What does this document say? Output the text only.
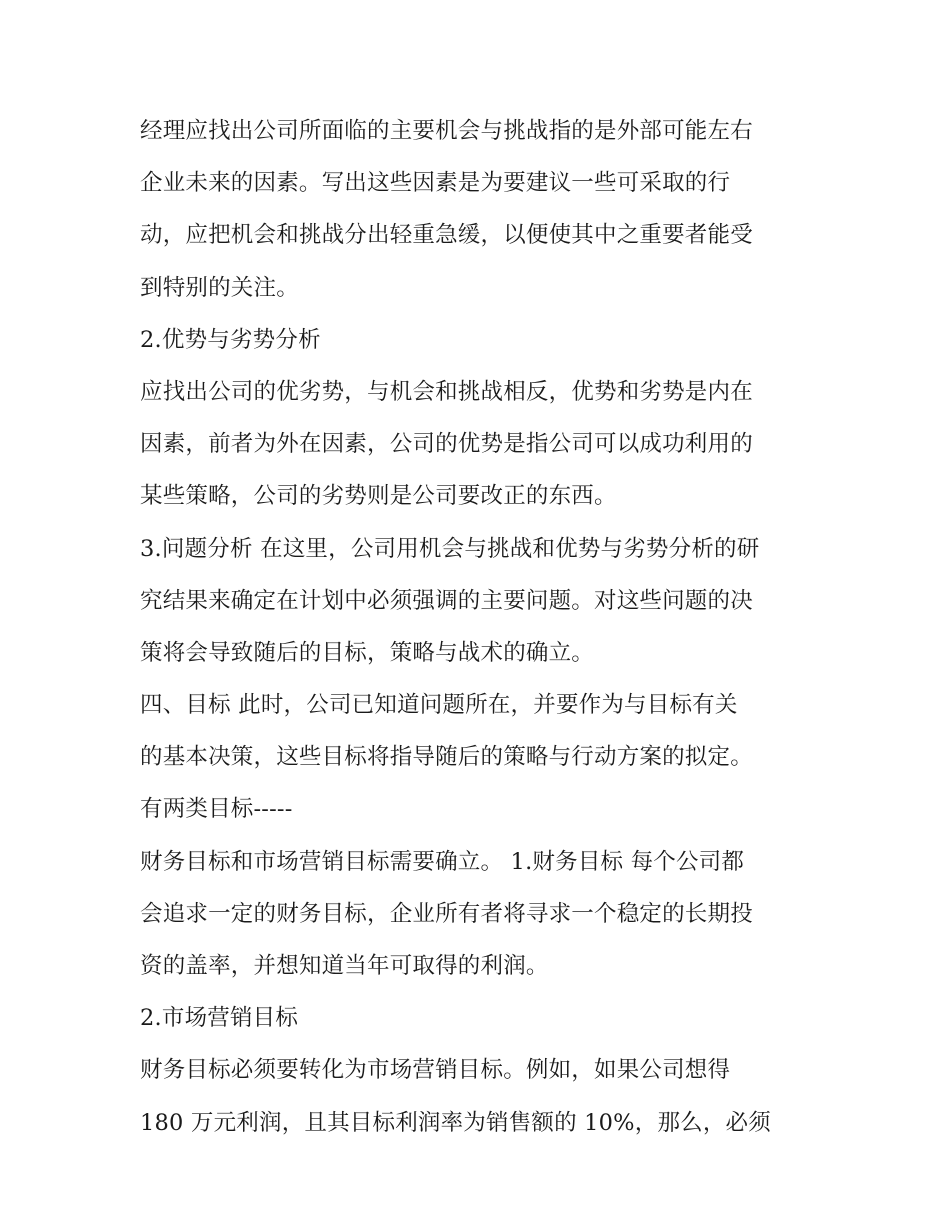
经理应找出公司所面临的主要机会与挑战指的是外部可能左右
企业未来的因素。写出这些因素是为要建议一些可采取的行
动，应把机会和挑战分出轻重急缓，以便使其中之重要者能受
到特别的关注。
2.优势与劣势分析
应找出公司的优劣势，与机会和挑战相反，优势和劣势是内在
因素，前者为外在因素，公司的优势是指公司可以成功利用的
某些策略，公司的劣势则是公司要改正的东西。
3.问题分析 在这里，公司用机会与挑战和优势与劣势分析的研
究结果来确定在计划中必须强调的主要问题。对这些问题的决
策将会导致随后的目标，策略与战术的确立。
四、目标 此时，公司已知道问题所在，并要作为与目标有关
的基本决策，这些目标将指导随后的策略与行动方案的拟定。
有两类目标-----
财务目标和市场营销目标需要确立。 1.财务目标 每个公司都
会追求一定的财务目标，企业所有者将寻求一个稳定的长期投
资的盖率，并想知道当年可取得的利润。
2.市场营销目标
财务目标必须要转化为市场营销目标。例如，如果公司想得
180 万元利润，且其目标利润率为销售额的 10%，那么，必须
